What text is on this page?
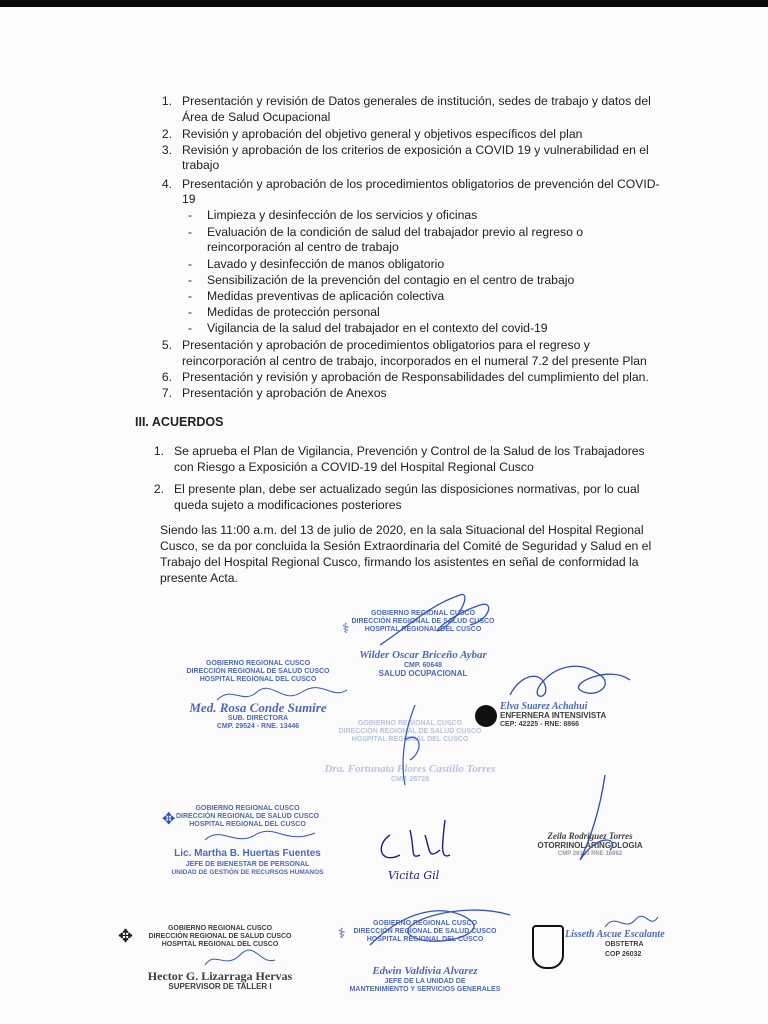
1. Presentación y revisión de Datos generales de institución, sedes de trabajo y datos del
Área de Salud Ocupacional
2. Revisión y aprobación del objetivo general y objetivos específicos del plan
3. Revisión y aprobación de los criterios de exposición a COVID 19 y vulnerabilidad en el
trabajo
4. Presentación y aprobación de los procedimientos obligatorios de prevención del COVID-
19
- Limpieza y desinfección de los servicios y oficinas
- Evaluación de la condición de salud del trabajador previo al regreso o
reincorporación al centro de trabajo
- Lavado y desinfección de manos obligatorio
- Sensibilización de la prevención del contagio en el centro de trabajo
- Medidas preventivas de aplicación colectiva
- Medidas de protección personal
- Vigilancia de la salud del trabajador en el contexto del covid-19
5. Presentación y aprobación de procedimientos obligatorios para el regreso y
reincorporación al centro de trabajo, incorporados en el numeral 7.2 del presente Plan
6. Presentación y revisión y aprobación de Responsabilidades del cumplimiento del plan.
7. Presentación y aprobación de Anexos
III. ACUERDOS
1. Se aprueba el Plan de Vigilancia, Prevención y Control de la Salud de los Trabajadores
con Riesgo a Exposición a COVID-19 del Hospital Regional Cusco
2. El presente plan, debe ser actualizado según las disposiciones normativas, por lo cual
queda sujeto a modificaciones posteriores
Siendo las 11:00 a.m. del 13 de julio de 2020, en la sala Situacional del Hospital Regional
Cusco, se da por concluida la Sesión Extraordinaria del Comité de Seguridad y Salud en el
Trabajo del Hospital Regional Cusco, firmando los asistentes en señal de conformidad la
presente Acta.
GOBIERNO REGIONAL CUSCO
DIRECCIÓN REGIONAL DE SALUD CUSCO
HOSPITAL REGIONAL DEL CUSCO
Wilder Oscar Briceño Aybar
CMP. 60648
SALUD OCUPACIONAL
⚕
GOBIERNO REGIONAL CUSCO
DIRECCIÓN REGIONAL DE SALUD CUSCO
HOSPITAL REGIONAL DEL CUSCO
Med. Rosa Conde Sumire
SUB. DIRECTORA
CMP. 29524 - RNE. 13446
Elva Suarez Achahui
ENFERNERA INTENSIVISTA
CEP: 42225 - RNE: 8866
GOBIERNO REGIONAL CUSCO
DIRECCIÓN REGIONAL DE SALUD CUSCO
HOSPITAL REGIONAL DEL CUSCO
Dra. Fortunata Flores Castillo Torres
CMP. 28728
GOBIERNO REGIONAL CUSCO
DIRECCIÓN REGIONAL DE SALUD CUSCO
HOSPITAL REGIONAL DEL CUSCO
Lic. Martha B. Huertas Fuentes
JEFE DE BIENESTAR DE PERSONAL
UNIDAD DE GESTIÓN DE RECURSOS HUMANOS
✥
Vicita Gil
Zeila Rodriguez Torres
OTORRINOLARINGOLOGIA
CMP 26183 RNE 16982
GOBIERNO REGIONAL CUSCO
DIRECCIÓN REGIONAL DE SALUD CUSCO
HOSPITAL REGIONAL DEL CUSCO
Hector G. Lizarraga Hervas
SUPERVISOR DE TALLER I
✥
GOBIERNO REGIONAL CUSCO
DIRECCIÓN REGIONAL DE SALUD CUSCO
HOSPITAL REGIONAL DEL CUSCO
Edwin Valdivia Alvarez
JEFE DE LA UNIDAD DE
MANTENIMIENTO Y SERVICIOS GENERALES
⚕	Lisseth Ascue Escalante
OBSTETRA
COP 26032
